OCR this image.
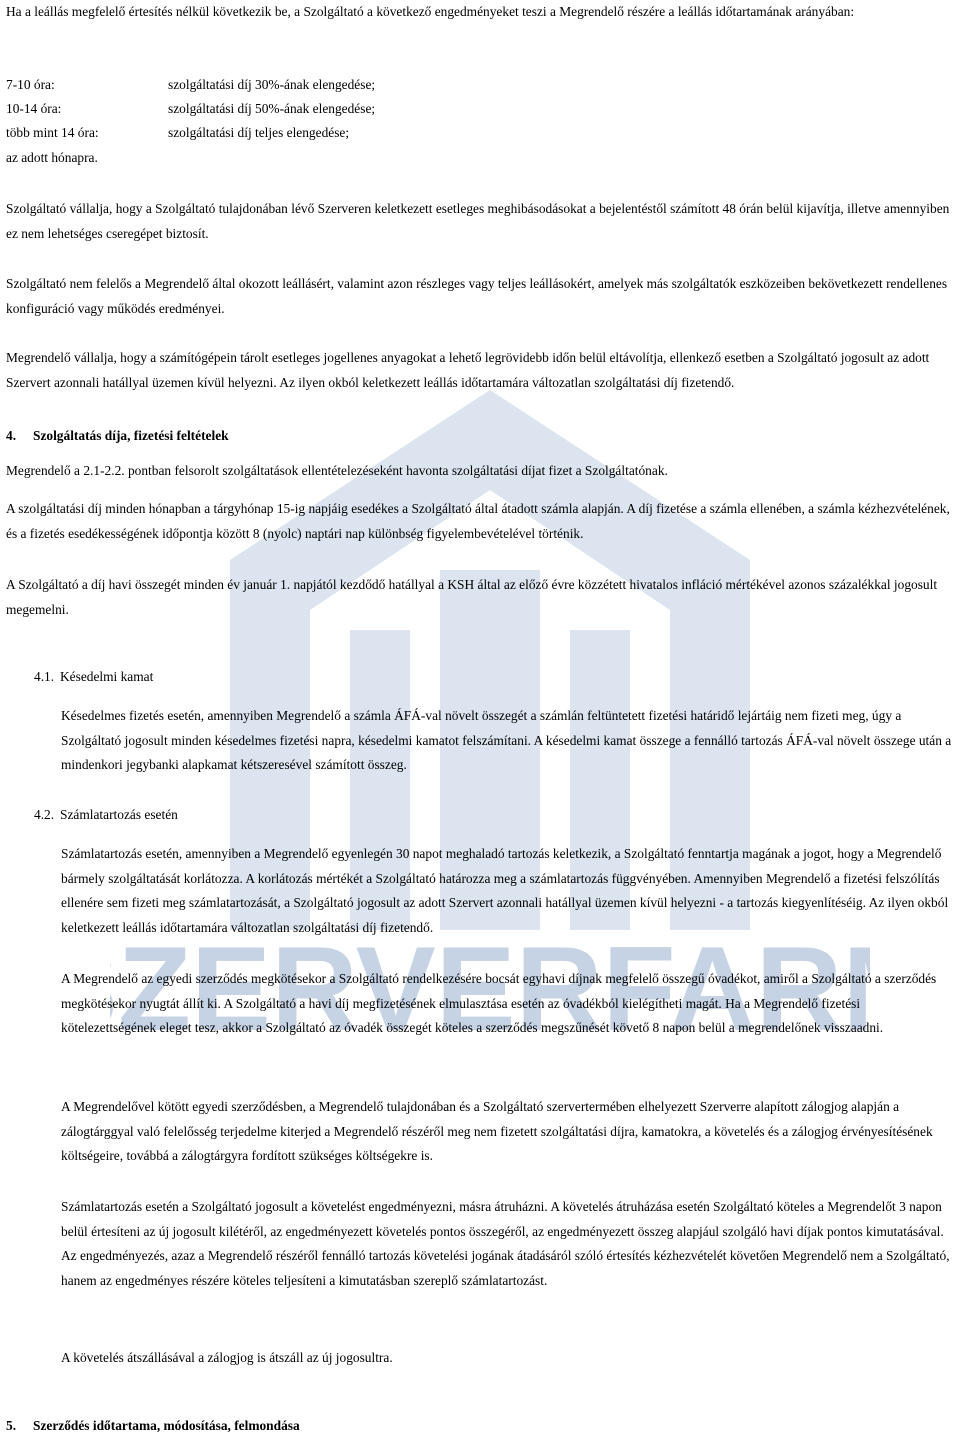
ZERVERFAR

Ha a leállás megfelelő értesítés nélkül következik be, a Szolgáltató a következő engedményeket teszi a Megrendelő részére a leállás időtartamának arányában:

7-10 óra:	szolgáltatási díj 30%-ának elengedése;
10-14 óra:	szolgáltatási díj 50%-ának elengedése;
több mint 14 óra:	szolgáltatási díj teljes elengedése;
az adott hónapra.

Szolgáltató vállalja, hogy a Szolgáltató tulajdonában lévő Szerveren keletkezett esetleges meghibásodásokat a bejelentéstől számított 48 órán belül kijavítja, illetve amennyiben ez nem lehetséges cseregépet biztosít.

Szolgáltató nem felelős a Megrendelő által okozott leállásért, valamint azon részleges vagy teljes leállásokért, amelyek más szolgáltatók eszközeiben bekövetkezett rendellenes konfiguráció vagy működés eredményei.

Megrendelő vállalja, hogy a számítógépein tárolt esetleges jogellenes anyagokat a lehető legrövidebb időn belül eltávolítja, ellenkező esetben a Szolgáltató jogosult az adott Szervert azonnali hatállyal üzemen kívül helyezni. Az ilyen okból keletkezett leállás időtartamára változatlan szolgáltatási díj fizetendő.

4. Szolgáltatás díja, fizetési feltételek

Megrendelő a 2.1-2.2. pontban felsorolt szolgáltatások ellentételezéseként havonta szolgáltatási díjat fizet a Szolgáltatónak.

A szolgáltatási díj minden hónapban a tárgyhónap 15-ig napjáig esedékes a Szolgáltató által átadott számla alapján. A díj fizetése a számla ellenében, a számla kézhezvételének, és a fizetés esedékességének időpontja között 8 (nyolc) naptári nap különbség figyelembevételével történik.

A Szolgáltató a díj havi összegét minden év január 1. napjától kezdődő hatállyal a KSH által az előző évre közzétett hivatalos infláció mértékével azonos százalékkal jogosult megemelni.

4.1. Késedelmi kamat

Késedelmes fizetés esetén, amennyiben Megrendelő a számla ÁFÁ-val növelt összegét a számlán feltüntetett fizetési határidő lejártáig nem fizeti meg, úgy a Szolgáltató jogosult minden késedelmes fizetési napra, késedelmi kamatot felszámítani. A késedelmi kamat összege a fennálló tartozás ÁFÁ-val növelt összege után a mindenkori jegybanki alapkamat kétszeresével számított összeg.

4.2. Számlatartozás esetén

Számlatartozás esetén, amennyiben a Megrendelő egyenlegén 30 napot meghaladó tartozás keletkezik, a Szolgáltató fenntartja magának a jogot, hogy a Megrendelő bármely szolgáltatását korlátozza. A korlátozás mértékét a Szolgáltató határozza meg a számlatartozás függvényében. Amennyiben Megrendelő a fizetési felszólítás ellenére sem fizeti meg számlatartozását, a Szolgáltató jogosult az adott Szervert azonnali hatállyal üzemen kívül helyezni - a tartozás kiegyenlítéséig. Az ilyen okból keletkezett leállás időtartamára változatlan szolgáltatási díj fizetendő.

A Megrendelő az egyedi szerződés megkötésekor a Szolgáltató rendelkezésére bocsát egyhavi díjnak megfelelő összegű óvadékot, amiről a Szolgáltató a szerződés megkötésekor nyugtát állít ki. A Szolgáltató a havi díj megfizetésének elmulasztása esetén az óvadékból kielégítheti magát. Ha a Megrendelő fizetési kötelezettségének eleget tesz, akkor a Szolgáltató az óvadék összegét köteles a szerződés megszűnését követő 8 napon belül a megrendelőnek visszaadni.

A Megrendelővel kötött egyedi szerződésben, a Megrendelő tulajdonában és a Szolgáltató szervertermében elhelyezett Szerverre alapított zálogjog alapján a zálogtárggyal való felelősség terjedelme kiterjed a Megrendelő részéről meg nem fizetett szolgáltatási díjra, kamatokra, a követelés és a zálogjog érvényesítésének költségeire, továbbá a zálogtárgyra fordított szükséges költségekre is.

Számlatartozás esetén a Szolgáltató jogosult a követelést engedményezni, másra átruházni. A követelés átruházása esetén Szolgáltató köteles a Megrendelőt 3 napon belül értesíteni az új jogosult kilétéről, az engedményezett követelés pontos összegéről, az engedményezett összeg alapjául szolgáló havi díjak pontos kimutatásával. Az engedményezés, azaz a Megrendelő részéről fennálló tartozás követelési jogának átadásáról szóló értesítés kézhezvételét követően Megrendelő nem a Szolgáltató, hanem az engedményes részére köteles teljesíteni a kimutatásban szereplő számlatartozást.

A követelés átszállásával a zálogjog is átszáll az új jogosultra.

5. Szerződés időtartama, módosítása, felmondása
